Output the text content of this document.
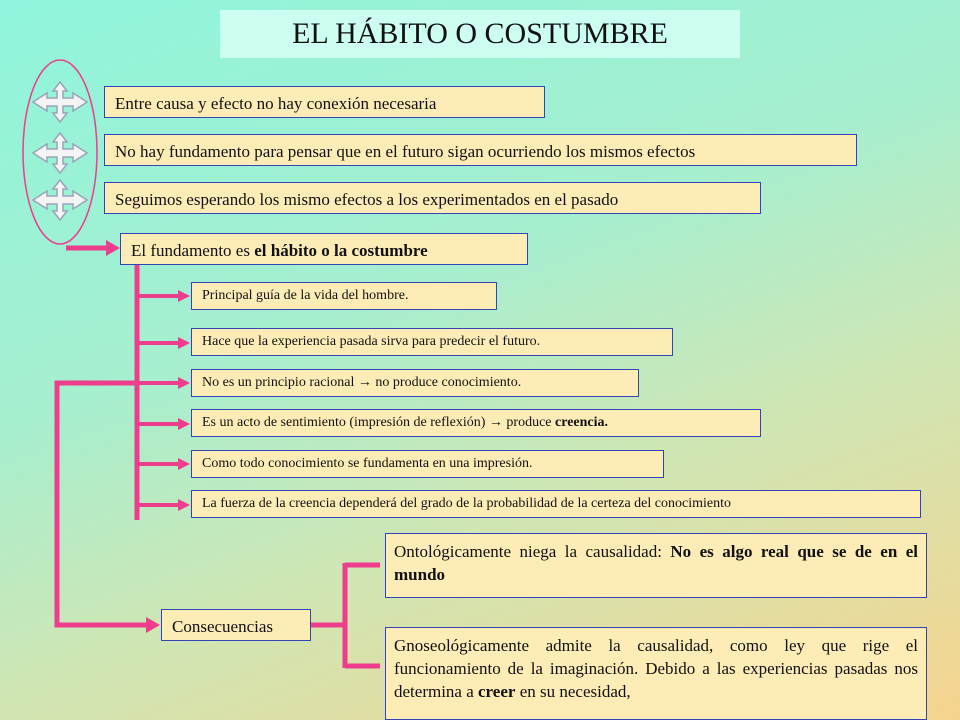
EL HÁBITO O COSTUMBRE
Entre causa y efecto no hay conexión necesaria
No hay fundamento para pensar que en el futuro sigan ocurriendo los mismos efectos
Seguimos esperando los mismo efectos a los experimentados en el pasado
El fundamento es el hábito o la costumbre
Principal guía de la vida del hombre.
Hace que la experiencia pasada sirva para predecir el futuro.
No es un principio racional → no produce conocimiento.
Es un acto de sentimiento (impresión de reflexión) → produce creencia.
Como todo conocimiento se fundamenta en una impresión.
La fuerza de la creencia dependerá del grado de la probabilidad de la certeza del conocimiento
Consecuencias
Ontológicamente niega la causalidad: No es algo real que se de en el mundo
Gnoseológicamente admite la causalidad, como ley que rige el funcionamiento de la imaginación. Debido a las experiencias pasadas nos determina a creer en su necesidad,
